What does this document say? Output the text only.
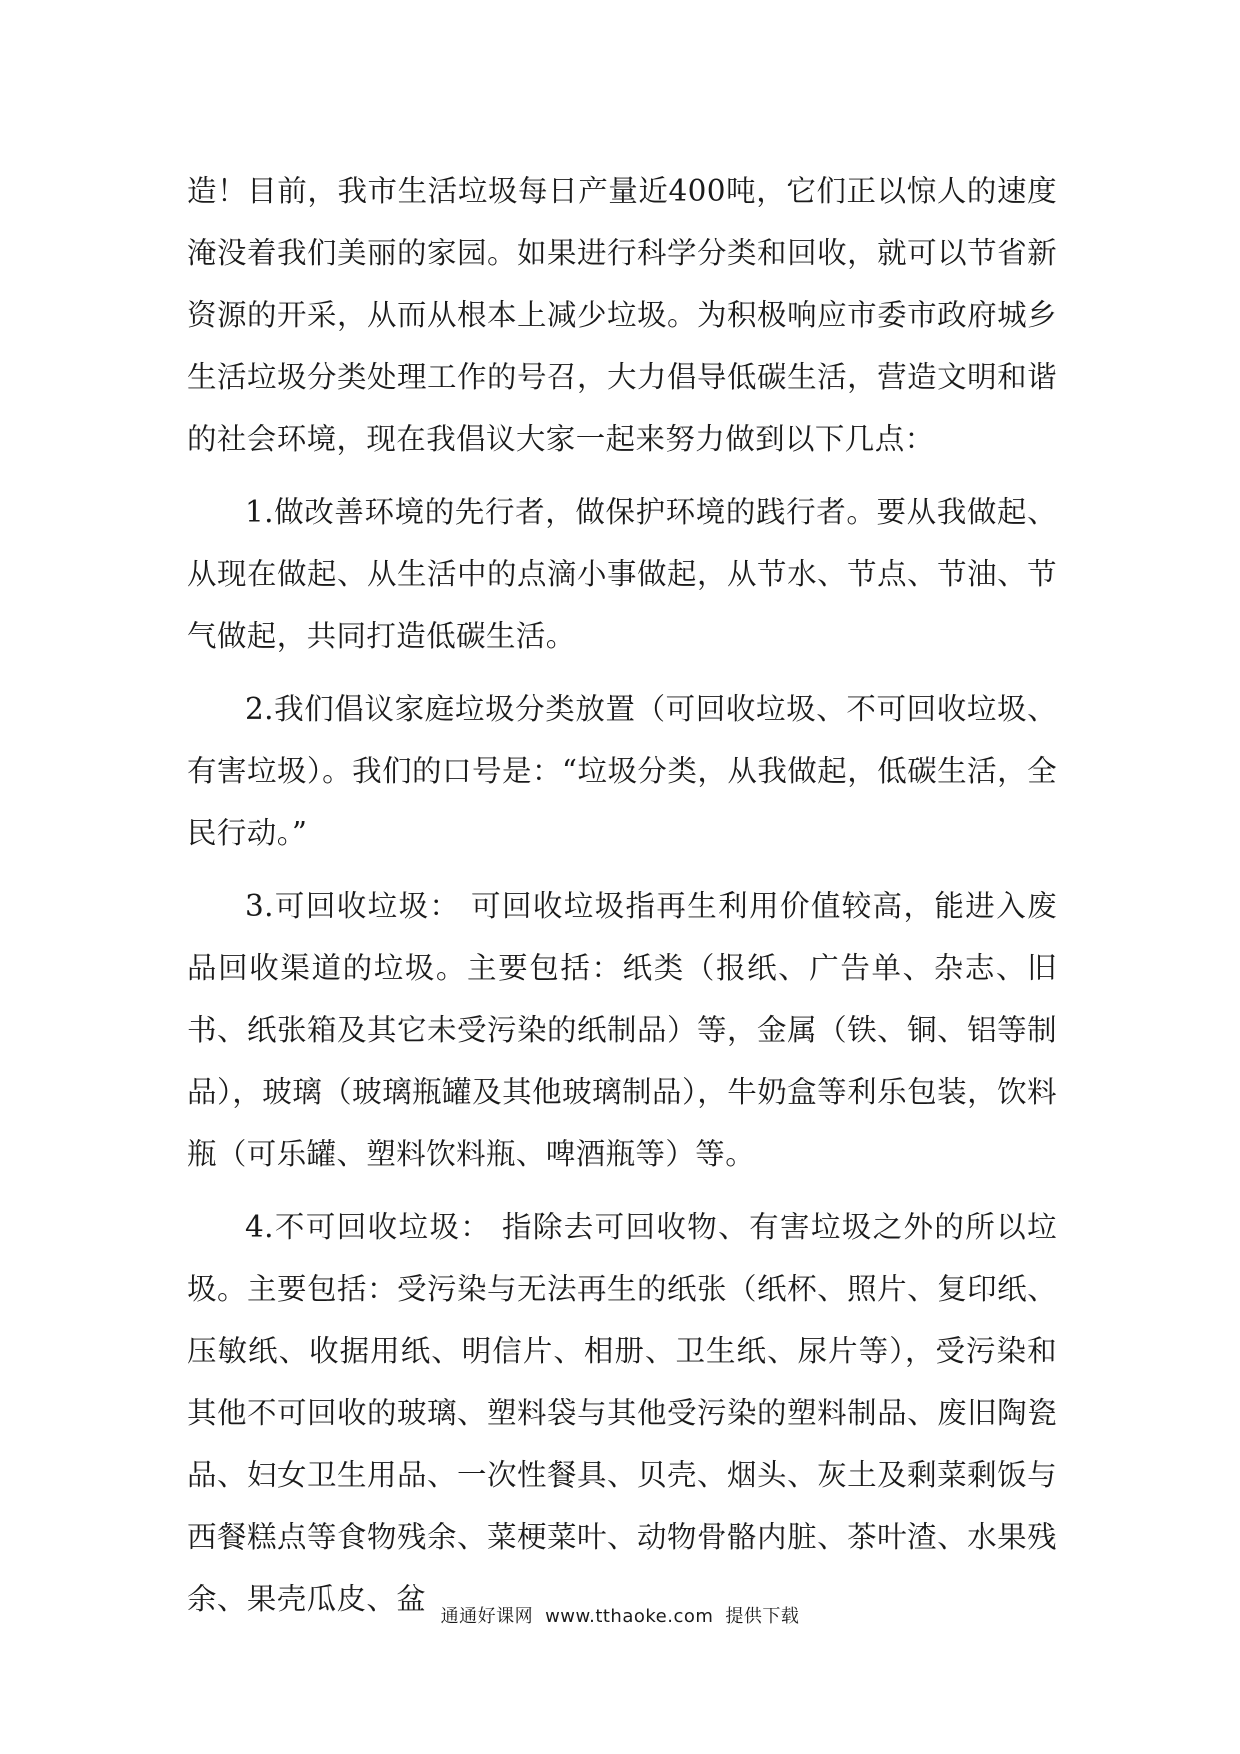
造！目前，我市生活垃圾每日产量近400吨，它们正以惊人的速度淹没着我们美丽的家园。如果进行科学分类和回收，就可以节省新资源的开采，从而从根本上减少垃圾。为积极响应市委市政府城乡生活垃圾分类处理工作的号召，大力倡导低碳生活，营造文明和谐的社会环境，现在我倡议大家一起来努力做到以下几点：

1.做改善环境的先行者，做保护环境的践行者。要从我做起、从现在做起、从生活中的点滴小事做起，从节水、节点、节油、节气做起，共同打造低碳生活。

2.我们倡议家庭垃圾分类放置（可回收垃圾、不可回收垃圾、有害垃圾）。我们的口号是：“垃圾分类，从我做起，低碳生活，全民行动。”

3.可回收垃圾： 可回收垃圾指再生利用价值较高，能进入废品回收渠道的垃圾。主要包括：纸类（报纸、广告单、杂志、旧书、纸张箱及其它未受污染的纸制品）等，金属（铁、铜、铝等制品），玻璃（玻璃瓶罐及其他玻璃制品），牛奶盒等利乐包装，饮料瓶（可乐罐、塑料饮料瓶、啤酒瓶等）等。

4.不可回收垃圾： 指除去可回收物、有害垃圾之外的所以垃圾。主要包括：受污染与无法再生的纸张（纸杯、照片、复印纸、压敏纸、收据用纸、明信片、相册、卫生纸、尿片等），受污染和其他不可回收的玻璃、塑料袋与其他受污染的塑料制品、废旧陶瓷品、妇女卫生用品、一次性餐具、贝壳、烟头、灰土及剩菜剩饭与西餐糕点等食物残余、菜梗菜叶、动物骨骼内脏、茶叶渣、水果残余、果壳瓜皮、盆

通通好课网 www.tthaoke.com 提供下载
